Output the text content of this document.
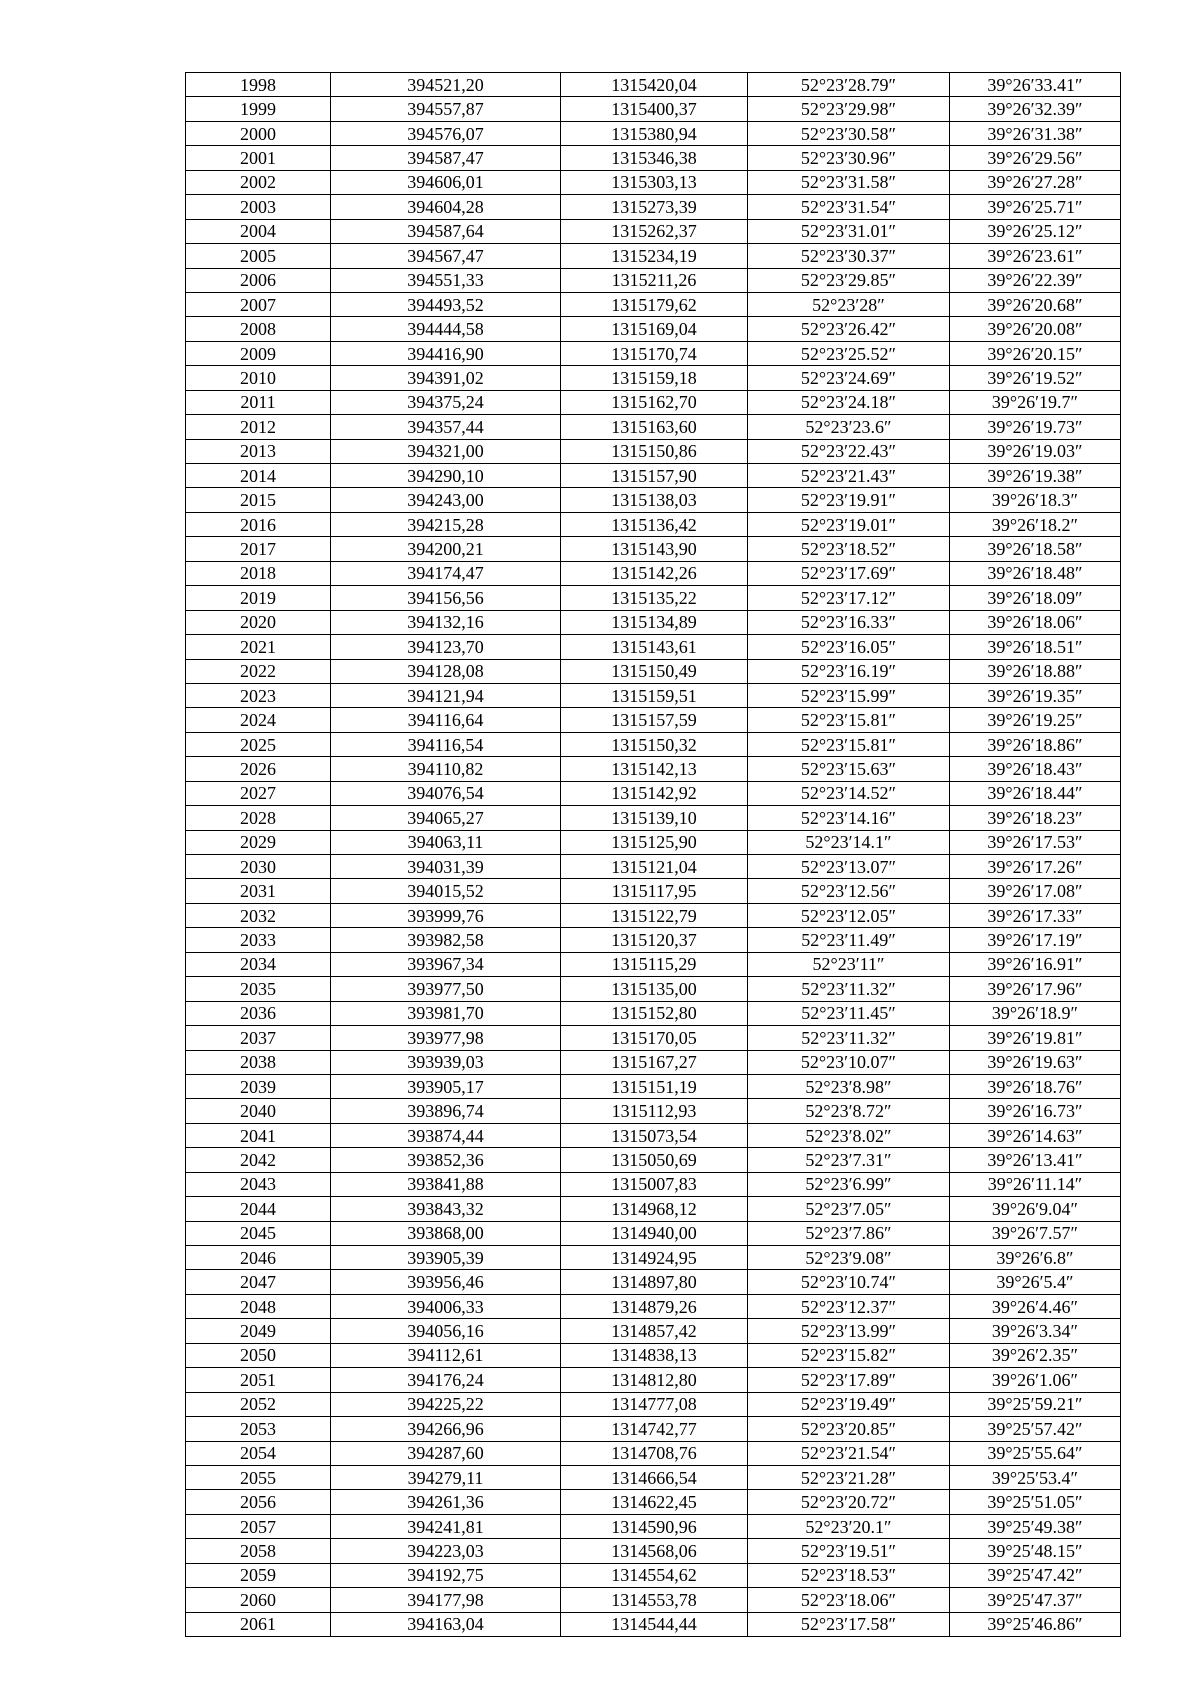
1998	394521,20	1315420,04	52°23′28.79″	39°26′33.41″
1999	394557,87	1315400,37	52°23′29.98″	39°26′32.39″
2000	394576,07	1315380,94	52°23′30.58″	39°26′31.38″
2001	394587,47	1315346,38	52°23′30.96″	39°26′29.56″
2002	394606,01	1315303,13	52°23′31.58″	39°26′27.28″
2003	394604,28	1315273,39	52°23′31.54″	39°26′25.71″
2004	394587,64	1315262,37	52°23′31.01″	39°26′25.12″
2005	394567,47	1315234,19	52°23′30.37″	39°26′23.61″
2006	394551,33	1315211,26	52°23′29.85″	39°26′22.39″
2007	394493,52	1315179,62	52°23′28″	39°26′20.68″
2008	394444,58	1315169,04	52°23′26.42″	39°26′20.08″
2009	394416,90	1315170,74	52°23′25.52″	39°26′20.15″
2010	394391,02	1315159,18	52°23′24.69″	39°26′19.52″
2011	394375,24	1315162,70	52°23′24.18″	39°26′19.7″
2012	394357,44	1315163,60	52°23′23.6″	39°26′19.73″
2013	394321,00	1315150,86	52°23′22.43″	39°26′19.03″
2014	394290,10	1315157,90	52°23′21.43″	39°26′19.38″
2015	394243,00	1315138,03	52°23′19.91″	39°26′18.3″
2016	394215,28	1315136,42	52°23′19.01″	39°26′18.2″
2017	394200,21	1315143,90	52°23′18.52″	39°26′18.58″
2018	394174,47	1315142,26	52°23′17.69″	39°26′18.48″
2019	394156,56	1315135,22	52°23′17.12″	39°26′18.09″
2020	394132,16	1315134,89	52°23′16.33″	39°26′18.06″
2021	394123,70	1315143,61	52°23′16.05″	39°26′18.51″
2022	394128,08	1315150,49	52°23′16.19″	39°26′18.88″
2023	394121,94	1315159,51	52°23′15.99″	39°26′19.35″
2024	394116,64	1315157,59	52°23′15.81″	39°26′19.25″
2025	394116,54	1315150,32	52°23′15.81″	39°26′18.86″
2026	394110,82	1315142,13	52°23′15.63″	39°26′18.43″
2027	394076,54	1315142,92	52°23′14.52″	39°26′18.44″
2028	394065,27	1315139,10	52°23′14.16″	39°26′18.23″
2029	394063,11	1315125,90	52°23′14.1″	39°26′17.53″
2030	394031,39	1315121,04	52°23′13.07″	39°26′17.26″
2031	394015,52	1315117,95	52°23′12.56″	39°26′17.08″
2032	393999,76	1315122,79	52°23′12.05″	39°26′17.33″
2033	393982,58	1315120,37	52°23′11.49″	39°26′17.19″
2034	393967,34	1315115,29	52°23′11″	39°26′16.91″
2035	393977,50	1315135,00	52°23′11.32″	39°26′17.96″
2036	393981,70	1315152,80	52°23′11.45″	39°26′18.9″
2037	393977,98	1315170,05	52°23′11.32″	39°26′19.81″
2038	393939,03	1315167,27	52°23′10.07″	39°26′19.63″
2039	393905,17	1315151,19	52°23′8.98″	39°26′18.76″
2040	393896,74	1315112,93	52°23′8.72″	39°26′16.73″
2041	393874,44	1315073,54	52°23′8.02″	39°26′14.63″
2042	393852,36	1315050,69	52°23′7.31″	39°26′13.41″
2043	393841,88	1315007,83	52°23′6.99″	39°26′11.14″
2044	393843,32	1314968,12	52°23′7.05″	39°26′9.04″
2045	393868,00	1314940,00	52°23′7.86″	39°26′7.57″
2046	393905,39	1314924,95	52°23′9.08″	39°26′6.8″
2047	393956,46	1314897,80	52°23′10.74″	39°26′5.4″
2048	394006,33	1314879,26	52°23′12.37″	39°26′4.46″
2049	394056,16	1314857,42	52°23′13.99″	39°26′3.34″
2050	394112,61	1314838,13	52°23′15.82″	39°26′2.35″
2051	394176,24	1314812,80	52°23′17.89″	39°26′1.06″
2052	394225,22	1314777,08	52°23′19.49″	39°25′59.21″
2053	394266,96	1314742,77	52°23′20.85″	39°25′57.42″
2054	394287,60	1314708,76	52°23′21.54″	39°25′55.64″
2055	394279,11	1314666,54	52°23′21.28″	39°25′53.4″
2056	394261,36	1314622,45	52°23′20.72″	39°25′51.05″
2057	394241,81	1314590,96	52°23′20.1″	39°25′49.38″
2058	394223,03	1314568,06	52°23′19.51″	39°25′48.15″
2059	394192,75	1314554,62	52°23′18.53″	39°25′47.42″
2060	394177,98	1314553,78	52°23′18.06″	39°25′47.37″
2061	394163,04	1314544,44	52°23′17.58″	39°25′46.86″
